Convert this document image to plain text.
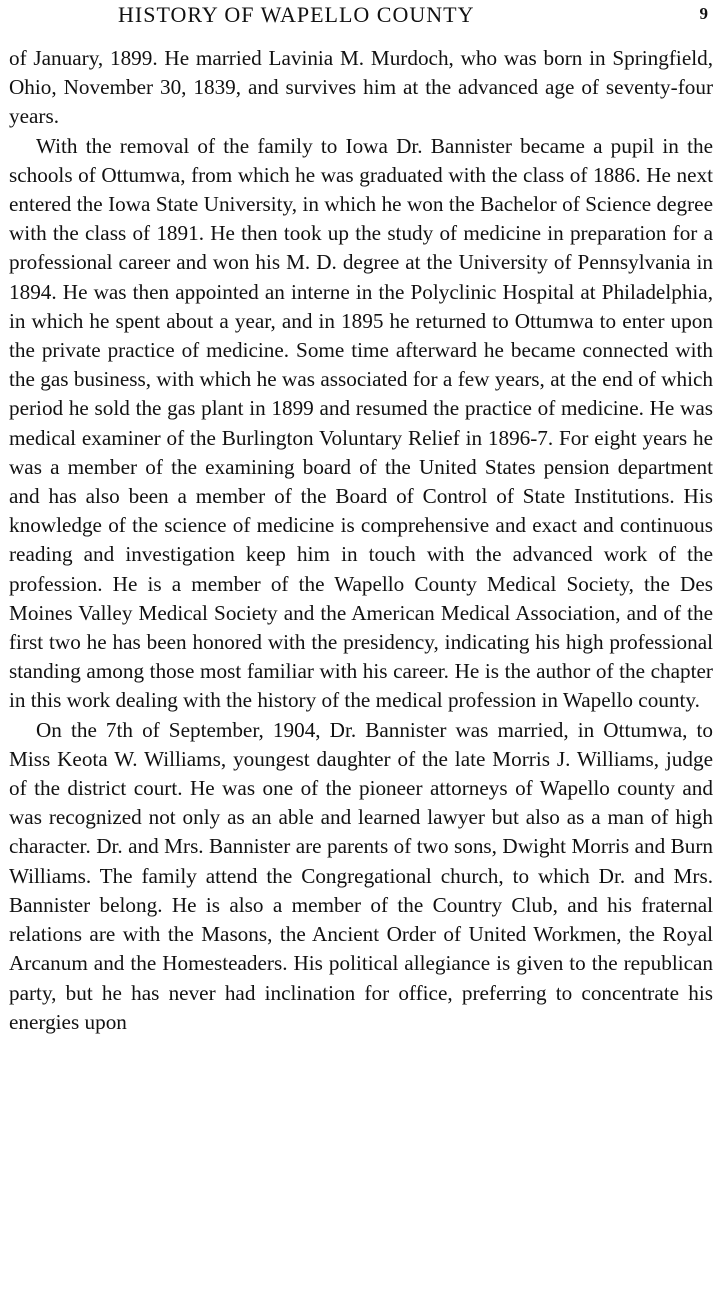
HISTORY OF WAPELLO COUNTY	9

of January, 1899. He married Lavinia M. Murdoch, who was born in Springfield, Ohio, November 30, 1839, and survives him at the advanced age of seventy-four years.

With the removal of the family to Iowa Dr. Bannister became a pupil in the schools of Ottumwa, from which he was graduated with the class of 1886. He next entered the Iowa State University, in which he won the Bachelor of Science degree with the class of 1891. He then took up the study of medicine in preparation for a professional career and won his M. D. degree at the University of Pennsylvania in 1894. He was then appointed an interne in the Polyclinic Hospital at Philadelphia, in which he spent about a year, and in 1895 he returned to Ottumwa to enter upon the private practice of medicine. Some time afterward he became connected with the gas business, with which he was associated for a few years, at the end of which period he sold the gas plant in 1899 and resumed the practice of medicine. He was medical examiner of the Burlington Voluntary Relief in 1896-7. For eight years he was a member of the examining board of the United States pension department and has also been a member of the Board of Control of State Institutions. His knowledge of the science of medicine is comprehensive and exact and continuous reading and investigation keep him in touch with the advanced work of the profession. He is a member of the Wapello County Medical Society, the Des Moines Valley Medical Society and the American Medical Association, and of the first two he has been honored with the presidency, indicating his high professional standing among those most familiar with his career. He is the author of the chapter in this work dealing with the history of the medical profession in Wapello county.

On the 7th of September, 1904, Dr. Bannister was married, in Ottumwa, to Miss Keota W. Williams, youngest daughter of the late Morris J. Williams, judge of the district court. He was one of the pioneer attorneys of Wapello county and was recognized not only as an able and learned lawyer but also as a man of high character. Dr. and Mrs. Bannister are parents of two sons, Dwight Morris and Burn Williams. The family attend the Congregational church, to which Dr. and Mrs. Bannister belong. He is also a member of the Country Club, and his fraternal relations are with the Masons, the Ancient Order of United Workmen, the Royal Arcanum and the Homesteaders. His political allegiance is given to the republican party, but he has never had inclination for office, preferring to concentrate his energies upon
